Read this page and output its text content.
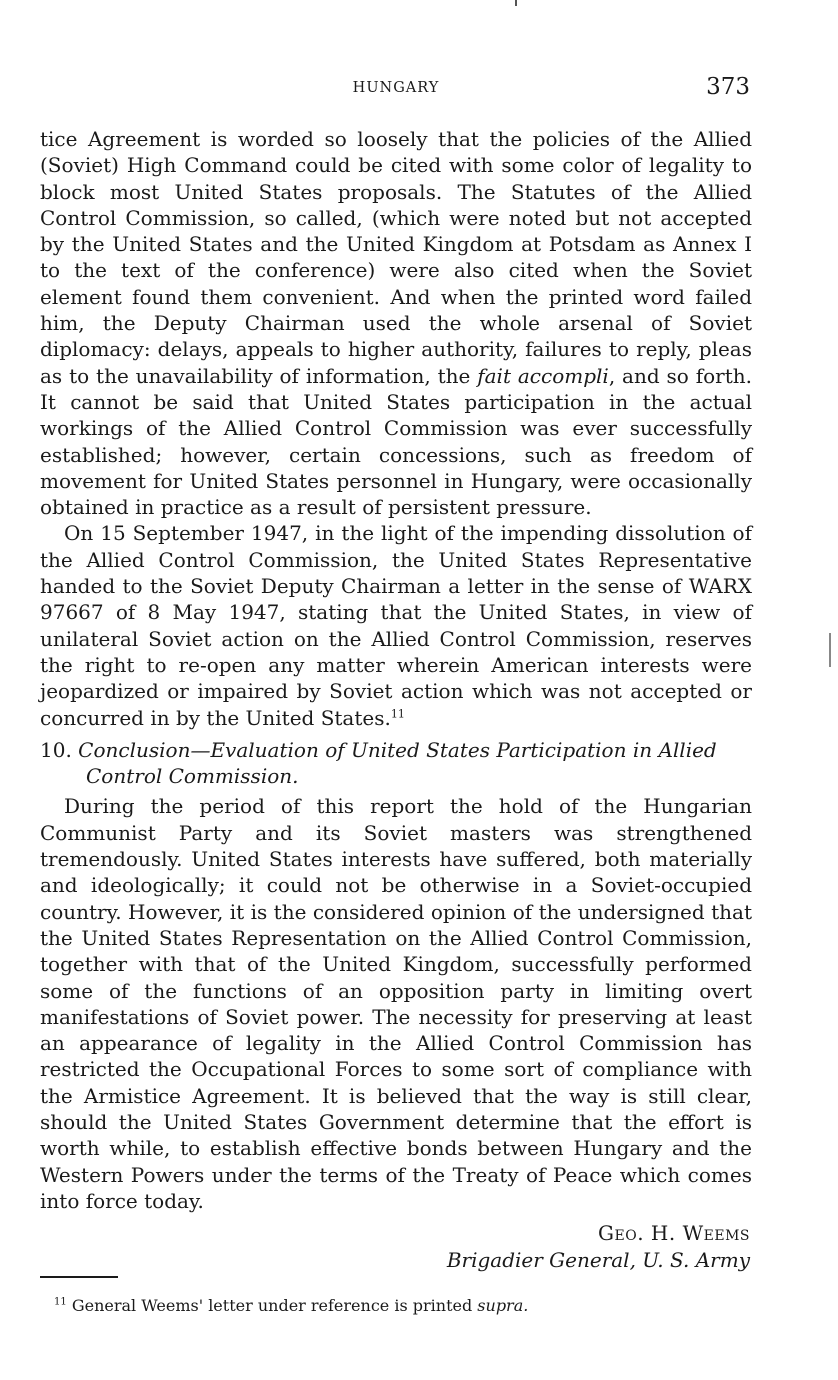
HUNGARY	373

tice Agreement is worded so loosely that the policies of the Allied (Soviet) High Command could be cited with some color of legality to block most United States proposals. The Statutes of the Allied Control Commission, so called, (which were noted but not accepted by the United States and the United Kingdom at Potsdam as Annex I to the text of the conference) were also cited when the Soviet element found them convenient. And when the printed word failed him, the Deputy Chairman used the whole arsenal of Soviet diplomacy: delays, appeals to higher authority, failures to reply, pleas as to the unavailability of information, the fait accompli, and so forth. It cannot be said that United States participation in the actual workings of the Allied Control Commission was ever successfully established; however, certain concessions, such as freedom of movement for United States personnel in Hungary, were occasionally obtained in practice as a result of persistent pressure.

On 15 September 1947, in the light of the impending dissolution of the Allied Control Commission, the United States Representative handed to the Soviet Deputy Chairman a letter in the sense of WARX 97667 of 8 May 1947, stating that the United States, in view of unilateral Soviet action on the Allied Control Commission, reserves the right to re-open any matter wherein American interests were jeopardized or impaired by Soviet action which was not accepted or concurred in by the United States.$^{11}$

10. Conclusion—Evaluation of United States Participation in Allied Control Commission.

During the period of this report the hold of the Hungarian Communist Party and its Soviet masters was strengthened tremendously. United States interests have suffered, both materially and ideologically; it could not be otherwise in a Soviet-occupied country. However, it is the considered opinion of the undersigned that the United States Representation on the Allied Control Commission, together with that of the United Kingdom, successfully performed some of the functions of an opposition party in limiting overt manifestations of Soviet power. The necessity for preserving at least an appearance of legality in the Allied Control Commission has restricted the Occupational Forces to some sort of compliance with the Armistice Agreement. It is believed that the way is still clear, should the United States Government determine that the effort is worth while, to establish effective bonds between Hungary and the Western Powers under the terms of the Treaty of Peace which comes into force today.

Geo. H. Weems
Brigadier General, U. S. Army
$^{11}$ General Weems' letter under reference is printed supra.
